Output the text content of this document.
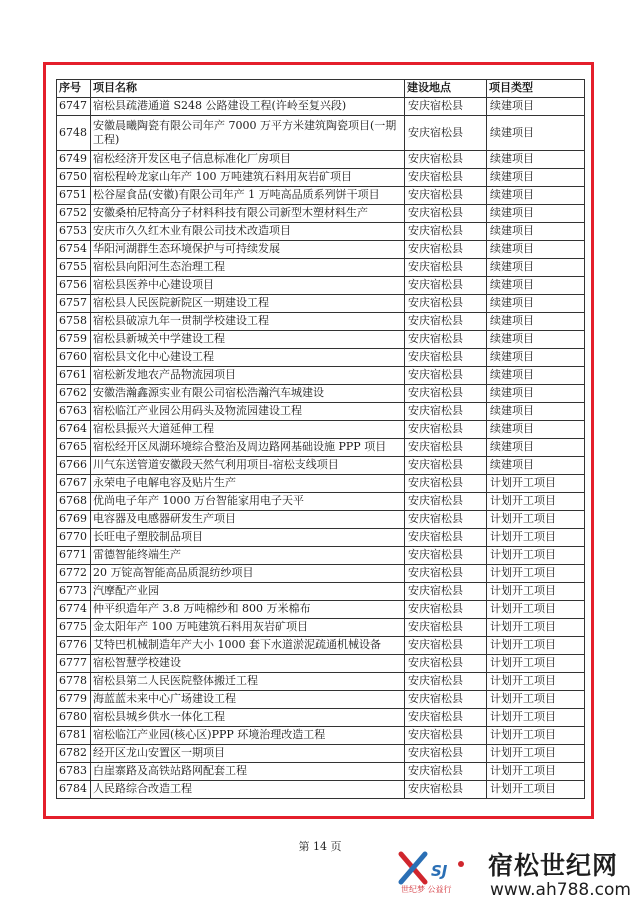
序号	项目名称	建设地点	项目类型
6747	宿松县疏港通道 S248 公路建设工程(许岭至复兴段)	安庆宿松县	续建项目
6748	安徽晨曦陶瓷有限公司年产 7000 万平方米建筑陶瓷项目(一期工程)	安庆宿松县	续建项目
6749	宿松经济开发区电子信息标准化厂房项目	安庆宿松县	续建项目
6750	宿松程岭龙家山年产 100 万吨建筑石料用灰岩矿项目	安庆宿松县	续建项目
6751	松谷屋食品(安徽)有限公司年产 1 万吨高品质系列饼干项目	安庆宿松县	续建项目
6752	安徽桑柏尼特高分子材料科技有限公司新型木塑材料生产	安庆宿松县	续建项目
6753	安庆市久久红木业有限公司技术改造项目	安庆宿松县	续建项目
6754	华阳河湖群生态环境保护与可持续发展	安庆宿松县	续建项目
6755	宿松县向阳河生态治理工程	安庆宿松县	续建项目
6756	宿松县医养中心建设项目	安庆宿松县	续建项目
6757	宿松县人民医院新院区一期建设工程	安庆宿松县	续建项目
6758	宿松县破凉九年一贯制学校建设工程	安庆宿松县	续建项目
6759	宿松县新城关中学建设工程	安庆宿松县	续建项目
6760	宿松县文化中心建设工程	安庆宿松县	续建项目
6761	宿松新发地农产品物流园项目	安庆宿松县	续建项目
6762	安徽浩瀚鑫源实业有限公司宿松浩瀚汽车城建设	安庆宿松县	续建项目
6763	宿松临江产业园公用码头及物流园建设工程	安庆宿松县	续建项目
6764	宿松县振兴大道延伸工程	安庆宿松县	续建项目
6765	宿松经开区凤湖环境综合整治及周边路网基础设施 PPP 项目	安庆宿松县	续建项目
6766	川气东送管道安徽段天然气利用项目-宿松支线项目	安庆宿松县	续建项目
6767	永荣电子电解电容及贴片生产	安庆宿松县	计划开工项目
6768	优尚电子年产 1000 万台智能家用电子天平	安庆宿松县	计划开工项目
6769	电容器及电感器研发生产项目	安庆宿松县	计划开工项目
6770	长旺电子塑胶制品项目	安庆宿松县	计划开工项目
6771	雷德智能终端生产	安庆宿松县	计划开工项目
6772	20 万锭高智能高品质混纺纱项目	安庆宿松县	计划开工项目
6773	汽摩配产业园	安庆宿松县	计划开工项目
6774	仲平织造年产 3.8 万吨棉纱和 800 万米棉布	安庆宿松县	计划开工项目
6775	金太阳年产 100 万吨建筑石料用灰岩矿项目	安庆宿松县	计划开工项目
6776	艾特巴机械制造年产大小 1000 套下水道淤泥疏通机械设备	安庆宿松县	计划开工项目
6777	宿松智慧学校建设	安庆宿松县	计划开工项目
6778	宿松县第二人民医院整体搬迁工程	安庆宿松县	计划开工项目
6779	海蓝蓝未来中心广场建设工程	安庆宿松县	计划开工项目
6780	宿松县城乡供水一体化工程	安庆宿松县	计划开工项目
6781	宿松临江产业园(核心区)PPP 环境治理改造工程	安庆宿松县	计划开工项目
6782	经开区龙山安置区一期项目	安庆宿松县	计划开工项目
6783	白崖寨路及高铁站路网配套工程	安庆宿松县	计划开工项目
6784	人民路综合改造工程	安庆宿松县	计划开工项目
第 14 页
SJ
世纪梦 公益行
宿松世纪网
www.ah788.com
